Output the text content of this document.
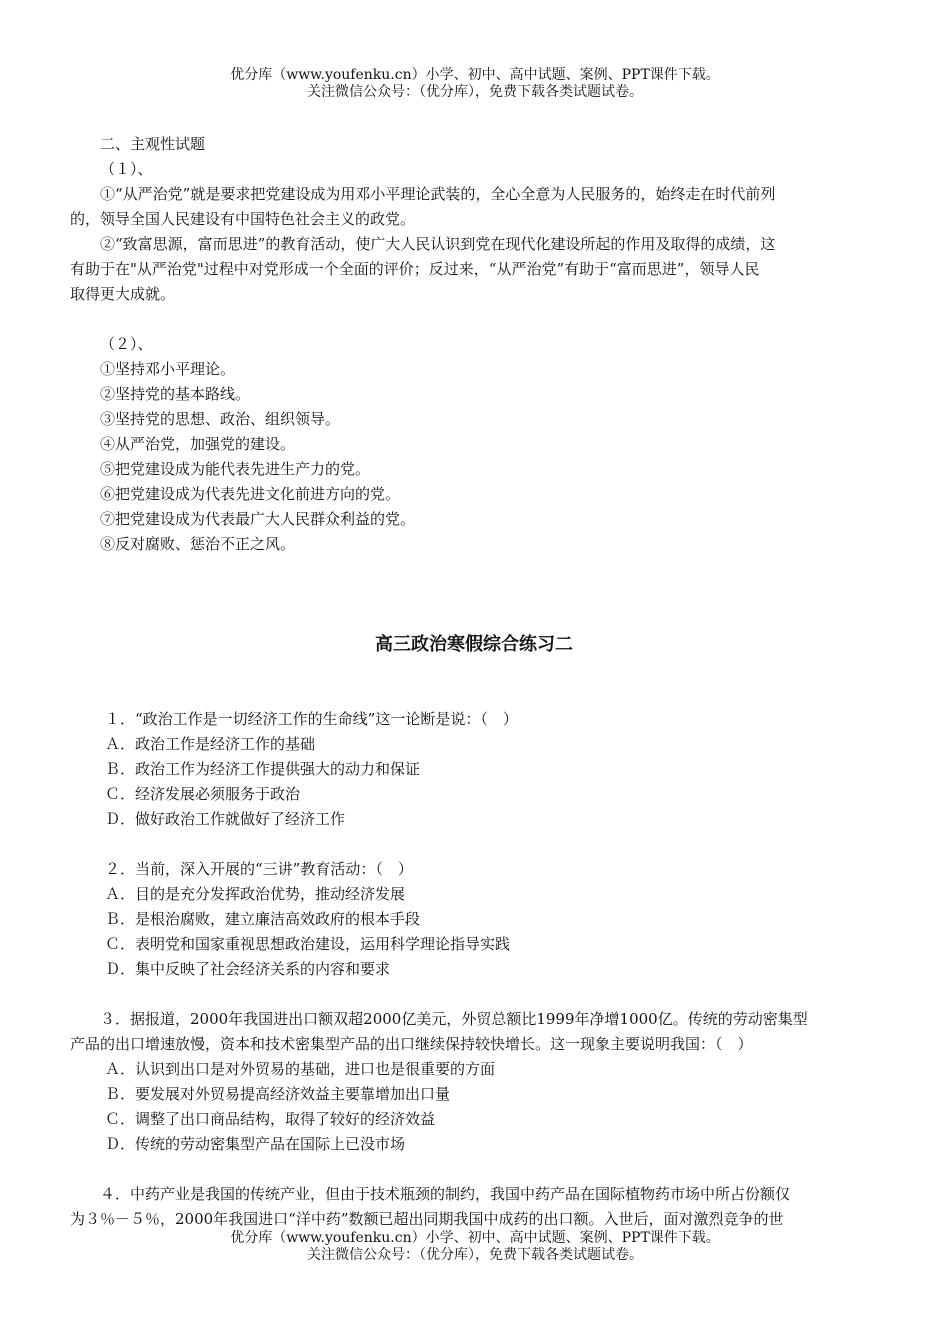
优分库（www.youfenku.cn）小学、初中、高中试题、案例、PPT课件下载。
关注微信公众号：（优分库），免费下载各类试题试卷。
二、主观性试题
（１）、
①“从严治党”就是要求把党建设成为用邓小平理论武装的，全心全意为人民服务的，始终走在时代前列
的，领导全国人民建设有中国特色社会主义的政党。
②“致富思源，富而思进”的教育活动，使广大人民认识到党在现代化建设所起的作用及取得的成绩，这
有助于在"从严治党"过程中对党形成一个全面的评价；反过来，“从严治党”有助于“富而思进”，领导人民
取得更大成就。
（２）、
①坚持邓小平理论。
②坚持党的基本路线。
③坚持党的思想、政治、组织领导。
④从严治党，加强党的建设。
⑤把党建设成为能代表先进生产力的党。
⑥把党建设成为代表先进文化前进方向的党。
⑦把党建设成为代表最广大人民群众利益的党。
⑧反对腐败、惩治不正之风。
高三政治寒假综合练习二
１．“政治工作是一切经济工作的生命线”这一论断是说：（　）
Ａ．政治工作是经济工作的基础
Ｂ．政治工作为经济工作提供强大的动力和保证
Ｃ．经济发展必须服务于政治
Ｄ．做好政治工作就做好了经济工作
２．当前，深入开展的“三讲”教育活动：（　）
Ａ．目的是充分发挥政治优势，推动经济发展
Ｂ．是根治腐败，建立廉洁高效政府的根本手段
Ｃ．表明党和国家重视思想政治建设，运用科学理论指导实践
Ｄ．集中反映了社会经济关系的内容和要求
３．据报道，2000年我国进出口额双超2000亿美元，外贸总额比1999年净增1000亿。传统的劳动密集型
产品的出口增速放慢，资本和技术密集型产品的出口继续保持较快增长。这一现象主要说明我国：（　）
Ａ．认识到出口是对外贸易的基础，进口也是很重要的方面
Ｂ．要发展对外贸易提高经济效益主要靠增加出口量
Ｃ．调整了出口商品结构，取得了较好的经济效益
Ｄ．传统的劳动密集型产品在国际上已没市场
４．中药产业是我国的传统产业，但由于技术瓶颈的制约，我国中药产品在国际植物药市场中所占份额仅
为３％－５％，2000年我国进口“洋中药”数额已超出同期我国中成药的出口额。入世后，面对激烈竞争的世
优分库（www.youfenku.cn）小学、初中、高中试题、案例、PPT课件下载。
关注微信公众号：（优分库），免费下载各类试题试卷。
